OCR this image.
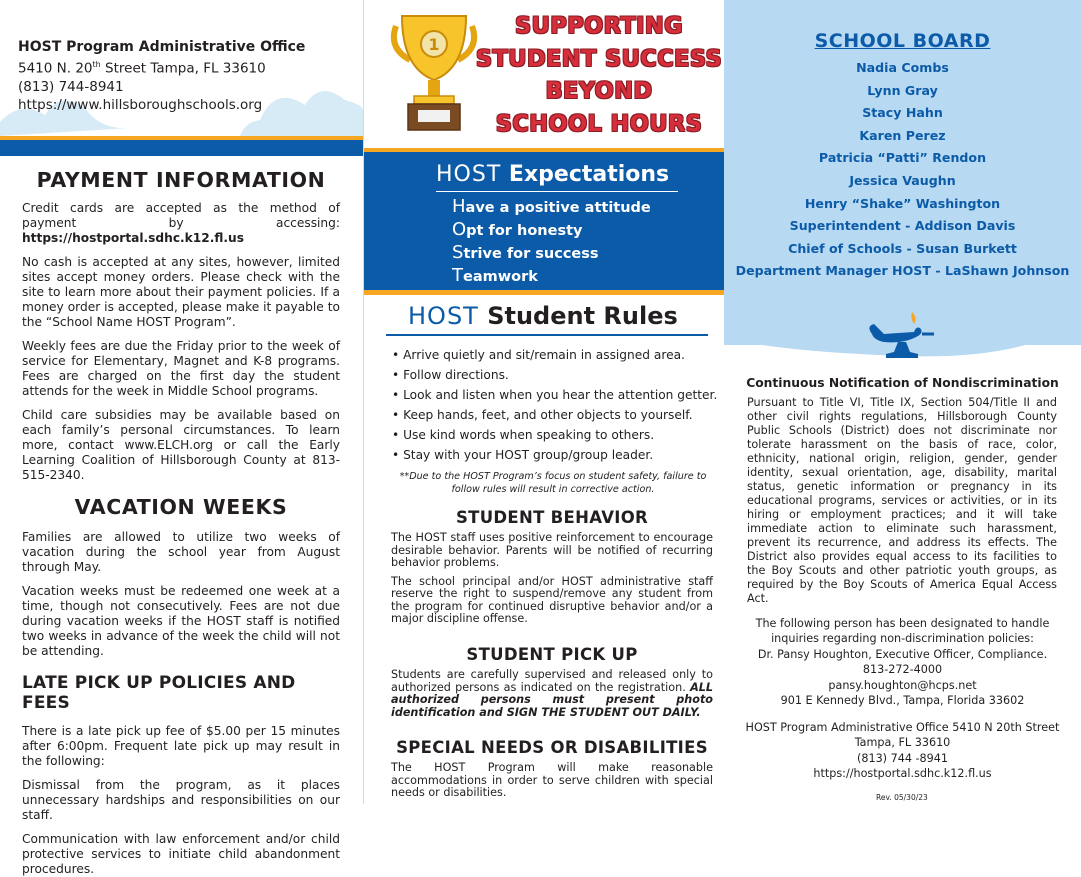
HOST Program Administrative Office
5410 N. 20th Street Tampa, FL 33610
(813) 744-8941
https://www.hillsboroughschools.org
PAYMENT INFORMATION

Credit cards are accepted as the method of payment by accessing: https://hostportal.sdhc.k12.fl.us

No cash is accepted at any sites, however, limited sites accept money orders. Please check with the site to learn more about their payment policies. If a money order is accepted, please make it payable to the “School Name HOST Program”.

Weekly fees are due the Friday prior to the week of service for Elementary, Magnet and K-8 programs. Fees are charged on the first day the student attends for the week in Middle School programs.

Child care subsidies may be available based on each family’s personal circumstances. To learn more, contact www.ELCH.org or call the Early Learning Coalition of Hillsborough County at 813-515-2340.

VACATION WEEKS

Families are allowed to utilize two weeks of vacation during the school year from August through May.

Vacation weeks must be redeemed one week at a time, though not consecutively. Fees are not due during vacation weeks if the HOST staff is notified two weeks in advance of the week the child will not be attending.

LATE PICK UP POLICIES AND FEES

There is a late pick up fee of $5.00 per 15 minutes after 6:00pm. Frequent late pick up may result in the following:

Dismissal from the program, as it places unnecessary hardships and responsibilities on our staff.

Communication with law enforcement and/or child protective services to initiate child abandonment procedures.

1
SUPPORTING
STUDENT SUCCESS
BEYOND
SCHOOL HOURS
HOST Expectations
Have a positive attitude
Opt for honesty
Strive for success
Teamwork
HOST Student Rules
• Arrive quietly and sit/remain in assigned area.
• Follow directions.
• Look and listen when you hear the attention getter.
• Keep hands, feet, and other objects to yourself.
• Use kind words when speaking to others.
• Stay with your HOST group/group leader.
**Due to the HOST Program’s focus on student safety, failure to follow rules will result in corrective action.
STUDENT BEHAVIOR

The HOST staff uses positive reinforcement to encourage desirable behavior. Parents will be notified of recurring behavior problems.

The school principal and/or HOST administrative staff reserve the right to suspend/remove any student from the program for continued disruptive behavior and/or a major discipline offense.

STUDENT PICK UP

Students are carefully supervised and released only to authorized persons as indicated on the registration. ALL authorized persons must present photo identification and SIGN THE STUDENT OUT DAILY.

SPECIAL NEEDS OR DISABILITIES

The HOST Program will make reasonable accommodations in order to serve children with special needs or disabilities.

SCHOOL BOARD
Nadia Combs
Lynn Gray
Stacy Hahn
Karen Perez
Patricia “Patti” Rendon
Jessica Vaughn
Henry “Shake” Washington
Superintendent - Addison Davis
Chief of Schools - Susan Burkett
Department Manager HOST - LaShawn Johnson
Continuous Notification of Nondiscrimination

Pursuant to Title VI, Title IX, Section 504/Title II and other civil rights regulations, Hillsborough County Public Schools (District) does not discriminate nor tolerate harassment on the basis of race, color, ethnicity, national origin, religion, gender, gender identity, sexual orientation, age, disability, marital status, genetic information or pregnancy in its educational programs, services or activities, or in its hiring or employment practices; and it will take immediate action to eliminate such harassment, prevent its recurrence, and address its effects. The District also provides equal access to its facilities to the Boy Scouts and other patriotic youth groups, as required by the Boy Scouts of America Equal Access Act.

The following person has been designated to handle
inquiries regarding non-discrimination policies:
Dr. Pansy Houghton, Executive Officer, Compliance.
813-272-4000
pansy.houghton@hcps.net
901 E Kennedy Blvd., Tampa, Florida 33602
HOST Program Administrative Office 5410 N 20th Street
Tampa, FL 33610
(813) 744 -8941
https://hostportal.sdhc.k12.fl.us
Rev. 05/30/23
